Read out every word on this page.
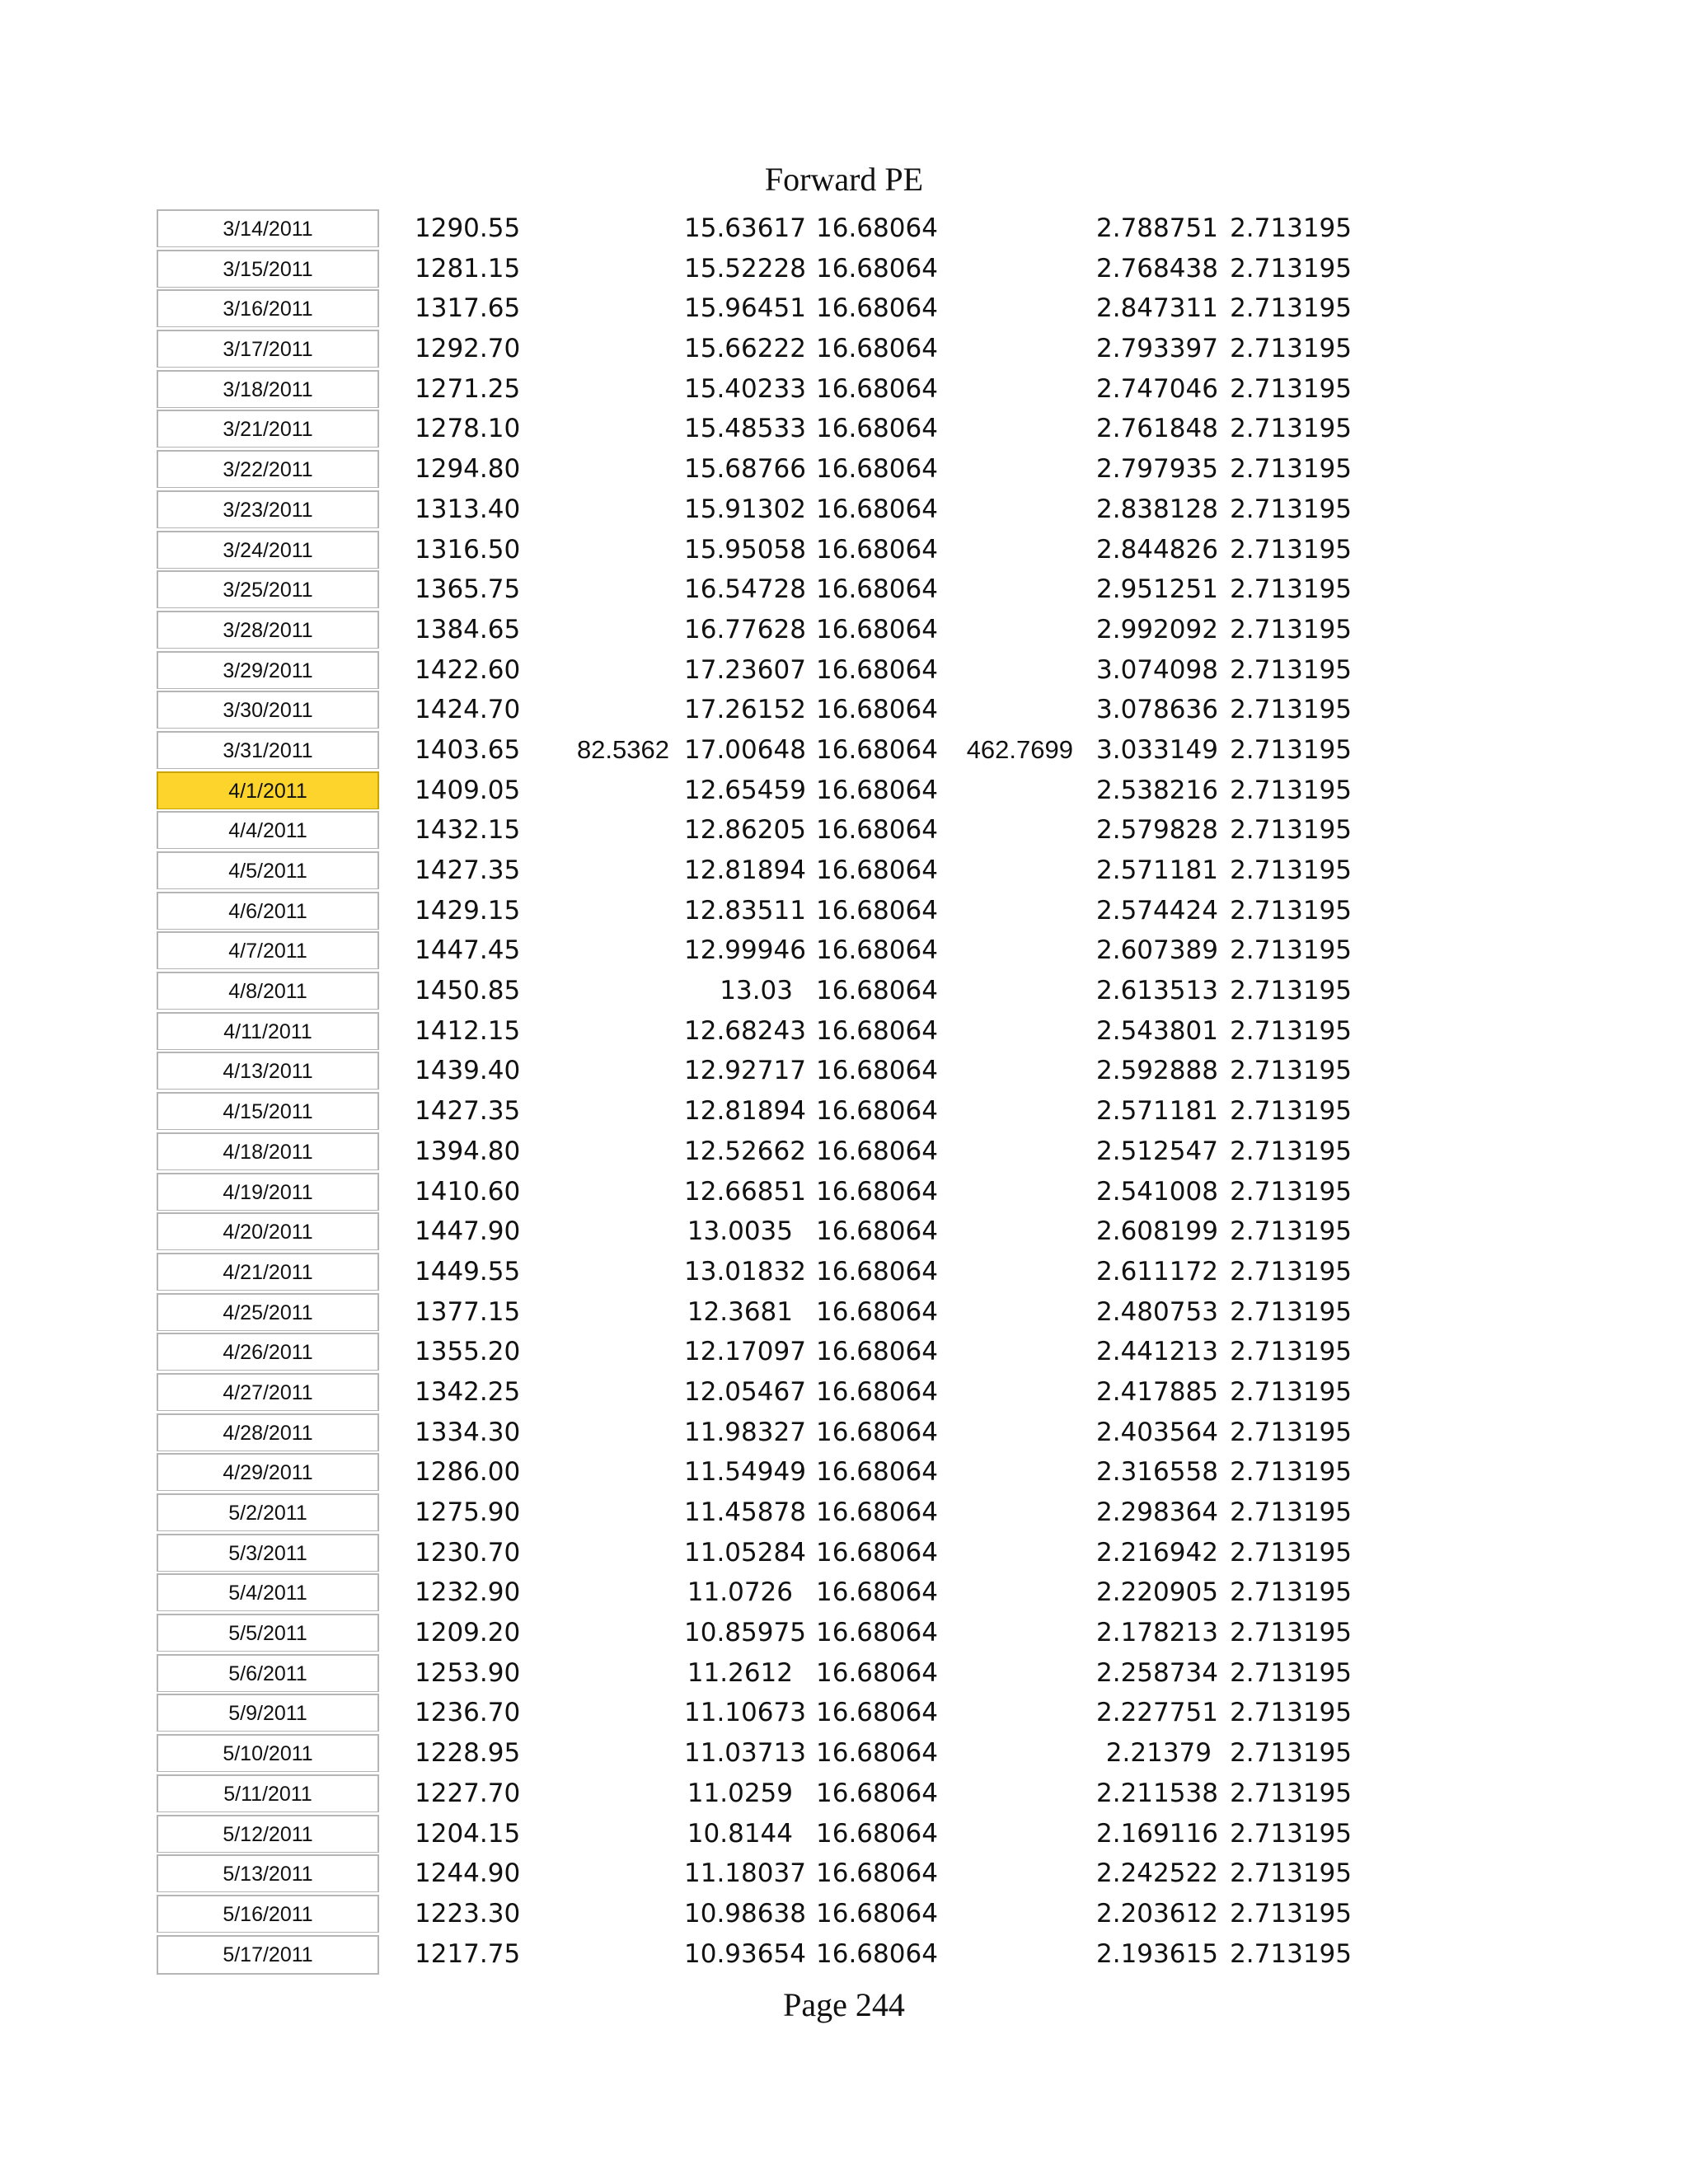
Forward PE
3/14/2011	1290.55	15.63617 16.68064	2.788751 2.713195
3/15/2011	1281.15	15.52228 16.68064	2.768438 2.713195
3/16/2011	1317.65	15.96451 16.68064	2.847311 2.713195
3/17/2011	1292.70	15.66222 16.68064	2.793397 2.713195
3/18/2011	1271.25	15.40233 16.68064	2.747046 2.713195
3/21/2011	1278.10	15.48533 16.68064	2.761848 2.713195
3/22/2011	1294.80	15.68766 16.68064	2.797935 2.713195
3/23/2011	1313.40	15.91302 16.68064	2.838128 2.713195
3/24/2011	1316.50	15.95058 16.68064	2.844826 2.713195
3/25/2011	1365.75	16.54728 16.68064	2.951251 2.713195
3/28/2011	1384.65	16.77628 16.68064	2.992092 2.713195
3/29/2011	1422.60	17.23607 16.68064	3.074098 2.713195
3/30/2011	1424.70	17.26152 16.68064	3.078636 2.713195
3/31/2011	1403.65	82.5362 17.00648 16.68064	462.7699 3.033149 2.713195
4/1/2011	1409.05	12.65459 16.68064	2.538216 2.713195
4/4/2011	1432.15	12.86205 16.68064	2.579828 2.713195
4/5/2011	1427.35	12.81894 16.68064	2.571181 2.713195
4/6/2011	1429.15	12.83511 16.68064	2.574424 2.713195
4/7/2011	1447.45	12.99946 16.68064	2.607389 2.713195
4/8/2011	1450.85	13.03 16.68064	2.613513 2.713195
4/11/2011	1412.15	12.68243 16.68064	2.543801 2.713195
4/13/2011	1439.40	12.92717 16.68064	2.592888 2.713195
4/15/2011	1427.35	12.81894 16.68064	2.571181 2.713195
4/18/2011	1394.80	12.52662 16.68064	2.512547 2.713195
4/19/2011	1410.60	12.66851 16.68064	2.541008 2.713195
4/20/2011	1447.90	13.0035 16.68064	2.608199 2.713195
4/21/2011	1449.55	13.01832 16.68064	2.611172 2.713195
4/25/2011	1377.15	12.3681 16.68064	2.480753 2.713195
4/26/2011	1355.20	12.17097 16.68064	2.441213 2.713195
4/27/2011	1342.25	12.05467 16.68064	2.417885 2.713195
4/28/2011	1334.30	11.98327 16.68064	2.403564 2.713195
4/29/2011	1286.00	11.54949 16.68064	2.316558 2.713195
5/2/2011	1275.90	11.45878 16.68064	2.298364 2.713195
5/3/2011	1230.70	11.05284 16.68064	2.216942 2.713195
5/4/2011	1232.90	11.0726 16.68064	2.220905 2.713195
5/5/2011	1209.20	10.85975 16.68064	2.178213 2.713195
5/6/2011	1253.90	11.2612 16.68064	2.258734 2.713195
5/9/2011	1236.70	11.10673 16.68064	2.227751 2.713195
5/10/2011	1228.95	11.03713 16.68064	2.21379 2.713195
5/11/2011	1227.70	11.0259 16.68064	2.211538 2.713195
5/12/2011	1204.15	10.8144 16.68064	2.169116 2.713195
5/13/2011	1244.90	11.18037 16.68064	2.242522 2.713195
5/16/2011	1223.30	10.98638 16.68064	2.203612 2.713195
5/17/2011	1217.75	10.93654 16.68064	2.193615 2.713195
Page 244
